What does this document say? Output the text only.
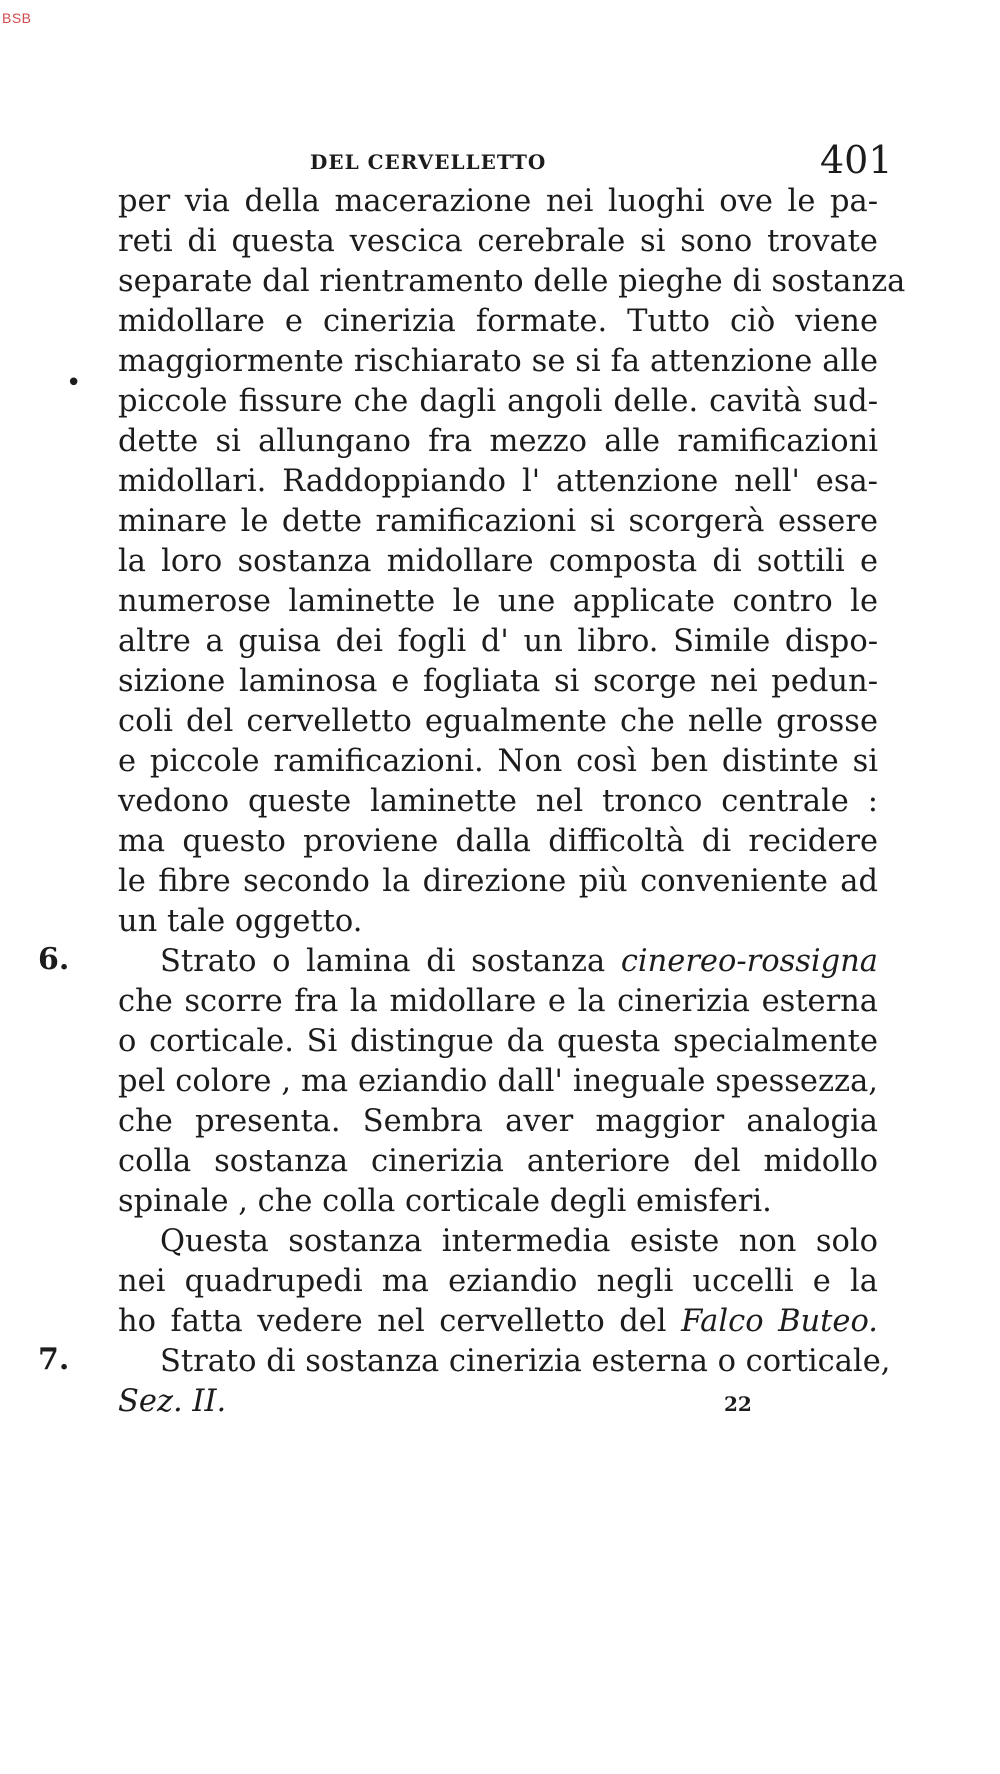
BSB
DEL CERVELLETTO	401
per via della macerazione nei luoghi ove le pa-
reti di questa vescica cerebrale si sono trovate
separate dal rientramento delle pieghe di sostanza
midollare e cinerizia formate. Tutto ciò viene
maggiormente rischiarato se si fa attenzione alle
piccole fissure che dagli angoli delle. cavità sud-
dette si allungano fra mezzo alle ramificazioni
midollari. Raddoppiando l' attenzione nell' esa-
minare le dette ramificazioni si scorgerà essere
la loro sostanza midollare composta di sottili e
numerose laminette le une applicate contro le
altre a guisa dei fogli d' un libro. Simile dispo-
sizione laminosa e fogliata si scorge nei pedun-
coli del cervelletto egualmente che nelle grosse
e piccole ramificazioni. Non così ben distinte si
vedono queste laminette nel tronco centrale :
ma questo proviene dalla difficoltà di recidere
le fibre secondo la direzione più conveniente ad
un tale oggetto.
•
6.	Strato o lamina di sostanza cinereo-rossigna
che scorre fra la midollare e la cinerizia esterna
o corticale. Si distingue da questa specialmente
pel colore , ma eziandio dall' ineguale spessezza,
che presenta. Sembra aver maggior analogia
colla sostanza cinerizia anteriore del midollo
spinale , che colla corticale degli emisferi.
Questa sostanza intermedia esiste non solo
nei quadrupedi ma eziandio negli uccelli e la
ho fatta vedere nel cervelletto del Falco Buteo.
7.	Strato di sostanza cinerizia esterna o corticale,
Sez. II.	22
